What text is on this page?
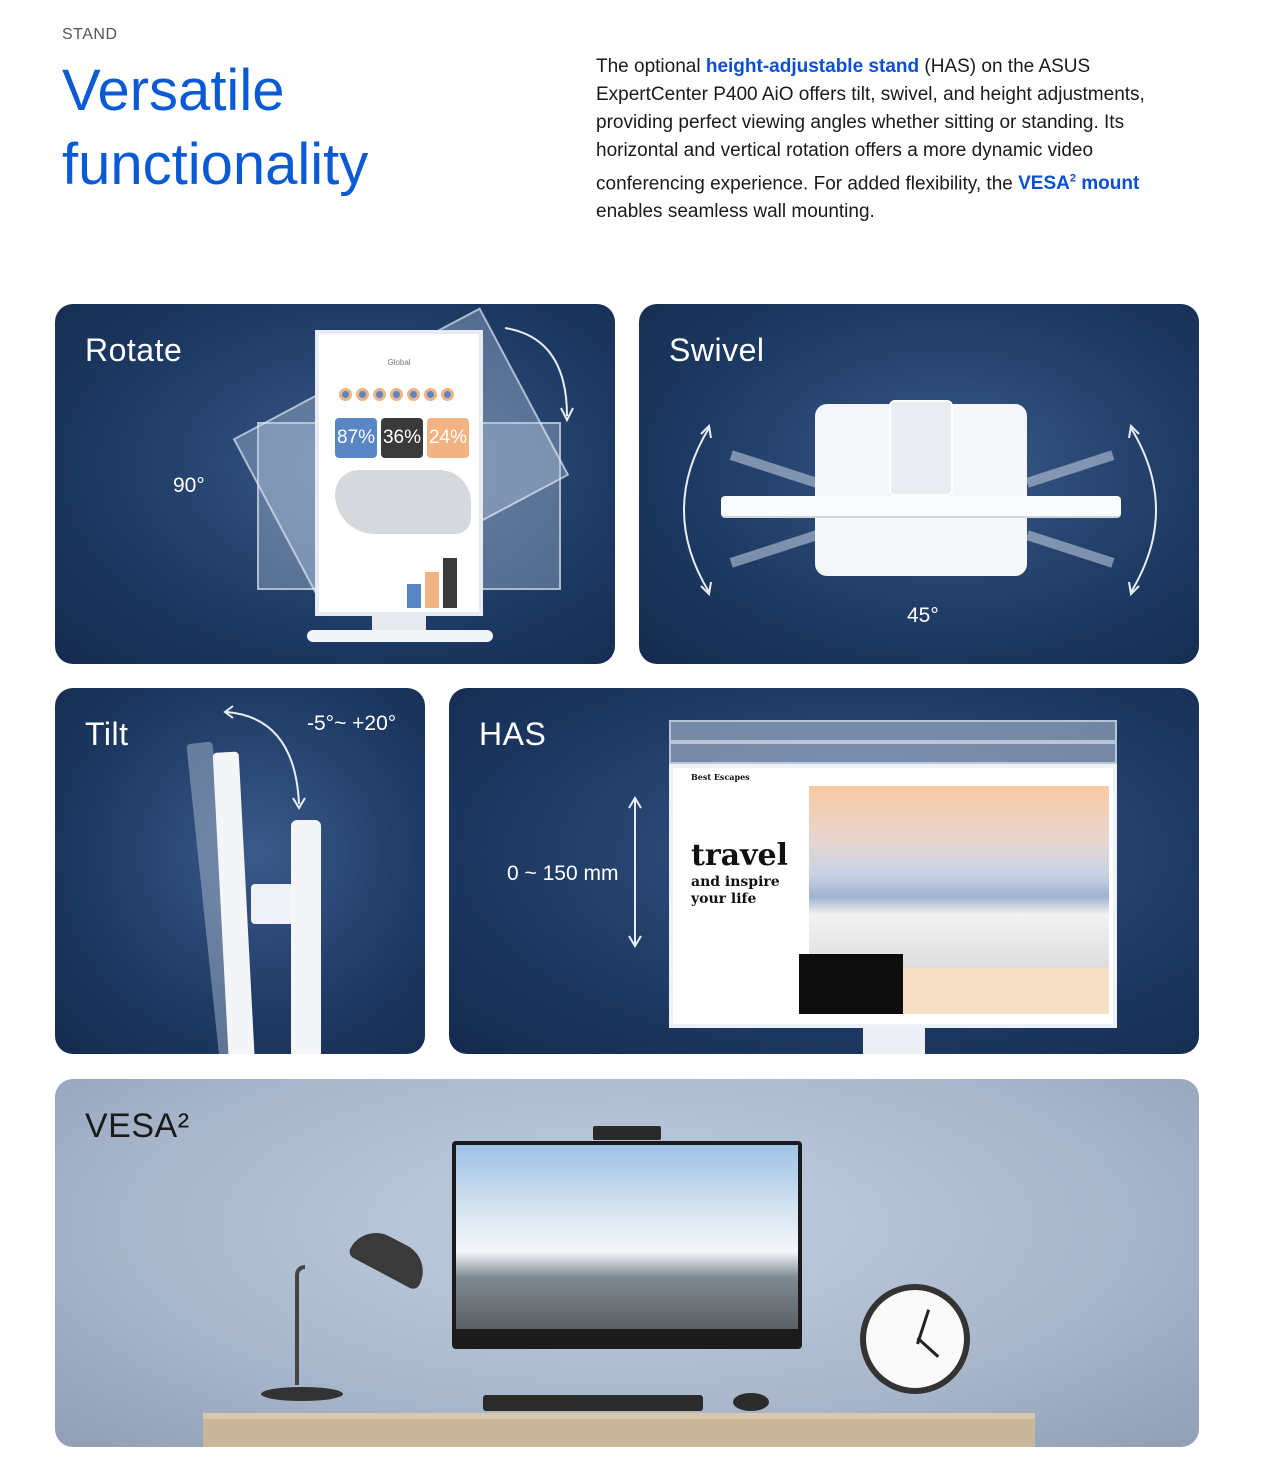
STAND
Versatile functionality

The optional height-adjustable stand (HAS) on the ASUS ExpertCenter P400 AiO offers tilt, swivel, and height adjustments, providing perfect viewing angles whether sitting or standing. Its horizontal and vertical rotation offers a more dynamic video conferencing experience. For added flexibility, the VESA$^2$ mount enables seamless wall mounting.

Rotate
90°
Global
87% 36% 24%
Swivel
45°
Tilt	-5°~ +20°	HAS
0 ~ 150 mm
Best Escapes
travel
and inspire your life
VESA²
